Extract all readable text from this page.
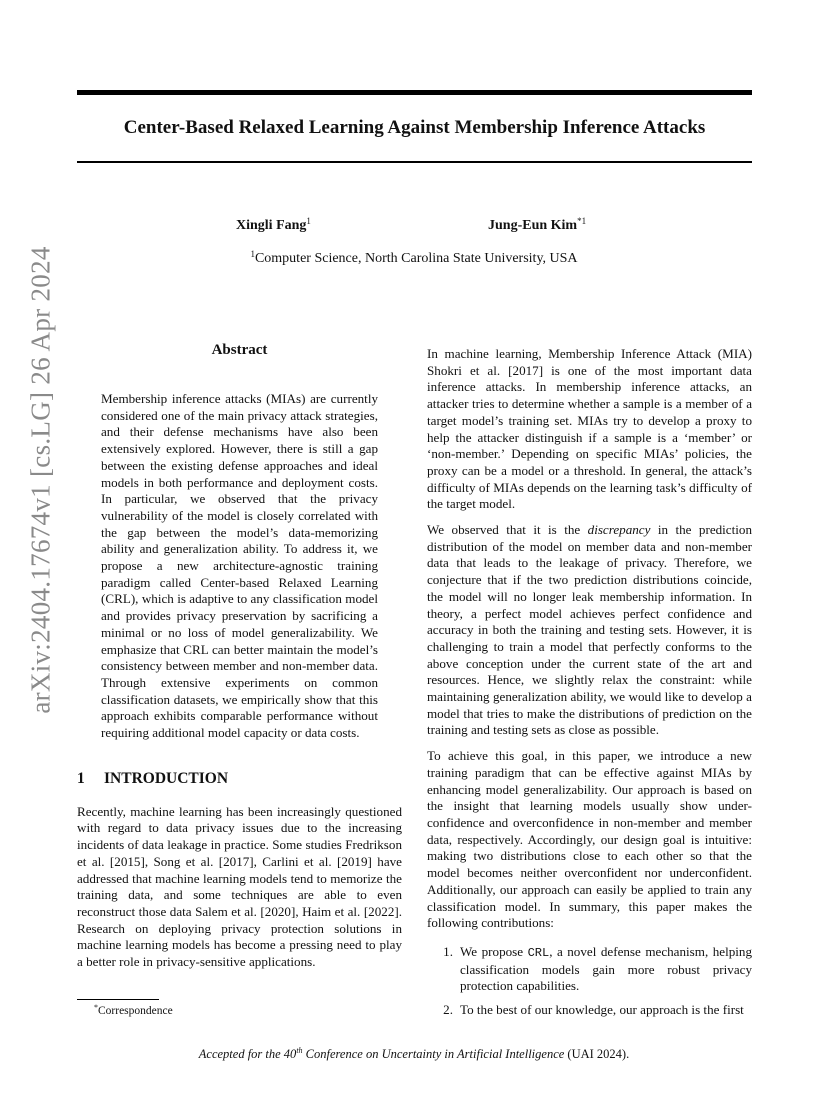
Center-Based Relaxed Learning Against Membership Inference Attacks
Xingli Fang$^1$	Jung-Eun Kim$^{*1}$
$^1$Computer Science, North Carolina State University, USA
arXiv:2404.17674v1 [cs.LG] 26 Apr 2024	Abstract

Membership inference attacks (MIAs) are currently considered one of the main privacy attack strategies, and their defense mechanisms have also been extensively explored. However, there is still a gap between the existing defense approaches and ideal models in both performance and deployment costs. In particular, we observed that the privacy vulnerability of the model is closely correlated with the gap between the model’s data-memorizing ability and generalization ability. To address it, we propose a new architecture-agnostic training paradigm called Center-based Relaxed Learning (CRL), which is adaptive to any classification model and provides privacy preservation by sacrificing a minimal or no loss of model generalizability. We emphasize that CRL can better maintain the model’s consistency between member and non-member data. Through extensive experiments on common classification datasets, we empirically show that this approach exhibits comparable performance without requiring additional model capacity or data costs.

1 INTRODUCTION

Recently, machine learning has been increasingly questioned with regard to data privacy issues due to the increasing incidents of data leakage in practice. Some studies Fredrikson et al. [2015], Song et al. [2017], Carlini et al. [2019] have addressed that machine learning models tend to memorize the training data, and some techniques are able to even reconstruct those data Salem et al. [2020], Haim et al. [2022]. Research on deploying privacy protection solutions in machine learning models has become a pressing need to play a better role in privacy-sensitive applications.

In machine learning, Membership Inference Attack (MIA) Shokri et al. [2017] is one of the most important data inference attacks. In membership inference attacks, an attacker tries to determine whether a sample is a member of a target model’s training set. MIAs try to develop a proxy to help the attacker distinguish if a sample is a ‘member’ or ‘non-member.’ Depending on specific MIAs’ policies, the proxy can be a model or a threshold. In general, the attack’s difficulty of MIAs depends on the learning task’s difficulty of the target model.

We observed that it is the discrepancy in the prediction distribution of the model on member data and non-member data that leads to the leakage of privacy. Therefore, we conjecture that if the two prediction distributions coincide, the model will no longer leak membership information. In theory, a perfect model achieves perfect confidence and accuracy in both the training and testing sets. However, it is challenging to train a model that perfectly conforms to the above conception under the current state of the art and resources. Hence, we slightly relax the constraint: while maintaining generalization ability, we would like to develop a model that tries to make the distributions of prediction on the training and testing sets as close as possible.

To achieve this goal, in this paper, we introduce a new training paradigm that can be effective against MIAs by enhancing model generalizability. Our approach is based on the insight that learning models usually show under-confidence and overconfidence in non-member and member data, respectively. Accordingly, our design goal is intuitive: making two distributions close to each other so that the model becomes neither overconfident nor underconfident. Additionally, our approach can easily be applied to train any classification model. In summary, this paper makes the following contributions:

1. We propose CRL, a novel defense mechanism, helping classification models gain more robust privacy protection capabilities.
2. To the best of our knowledge, our approach is the first
*Correspondence
Accepted for the 40th Conference on Uncertainty in Artificial Intelligence (UAI 2024).
